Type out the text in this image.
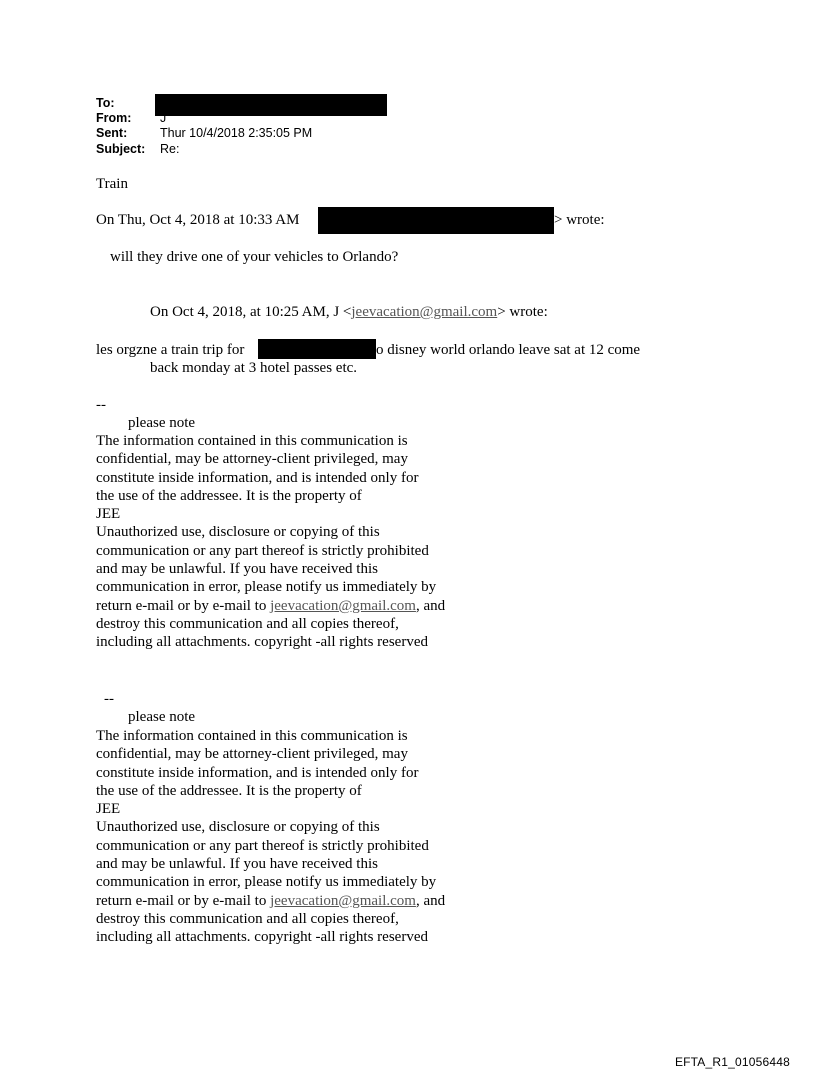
To:
From: J
Sent:	Thur 10/4/2018 2:35:05 PM
Subject: Re:
Train
On Thu, Oct 4, 2018 at 10:33 AM	> wrote:
will they drive one of your vehicles to Orlando?
On Oct 4, 2018, at 10:25 AM, J <jeevacation@gmail.com> wrote:
les orgzne a train trip for	o disney world orlando leave sat at 12 come
back monday at 3 hotel passes etc.
--
please note
The information contained in this communication is
confidential, may be attorney-client privileged, may
constitute inside information, and is intended only for
the use of the addressee. It is the property of
JEE
Unauthorized use, disclosure or copying of this
communication or any part thereof is strictly prohibited
and may be unlawful. If you have received this
communication in error, please notify us immediately by
return e-mail or by e-mail to jeevacation@gmail.com, and
destroy this communication and all copies thereof,
including all attachments. copyright -all rights reserved
--
please note
The information contained in this communication is
confidential, may be attorney-client privileged, may
constitute inside information, and is intended only for
the use of the addressee. It is the property of
JEE
Unauthorized use, disclosure or copying of this
communication or any part thereof is strictly prohibited
and may be unlawful. If you have received this
communication in error, please notify us immediately by
return e-mail or by e-mail to jeevacation@gmail.com, and
destroy this communication and all copies thereof,
including all attachments. copyright -all rights reserved
EFTA_R1_01056448
